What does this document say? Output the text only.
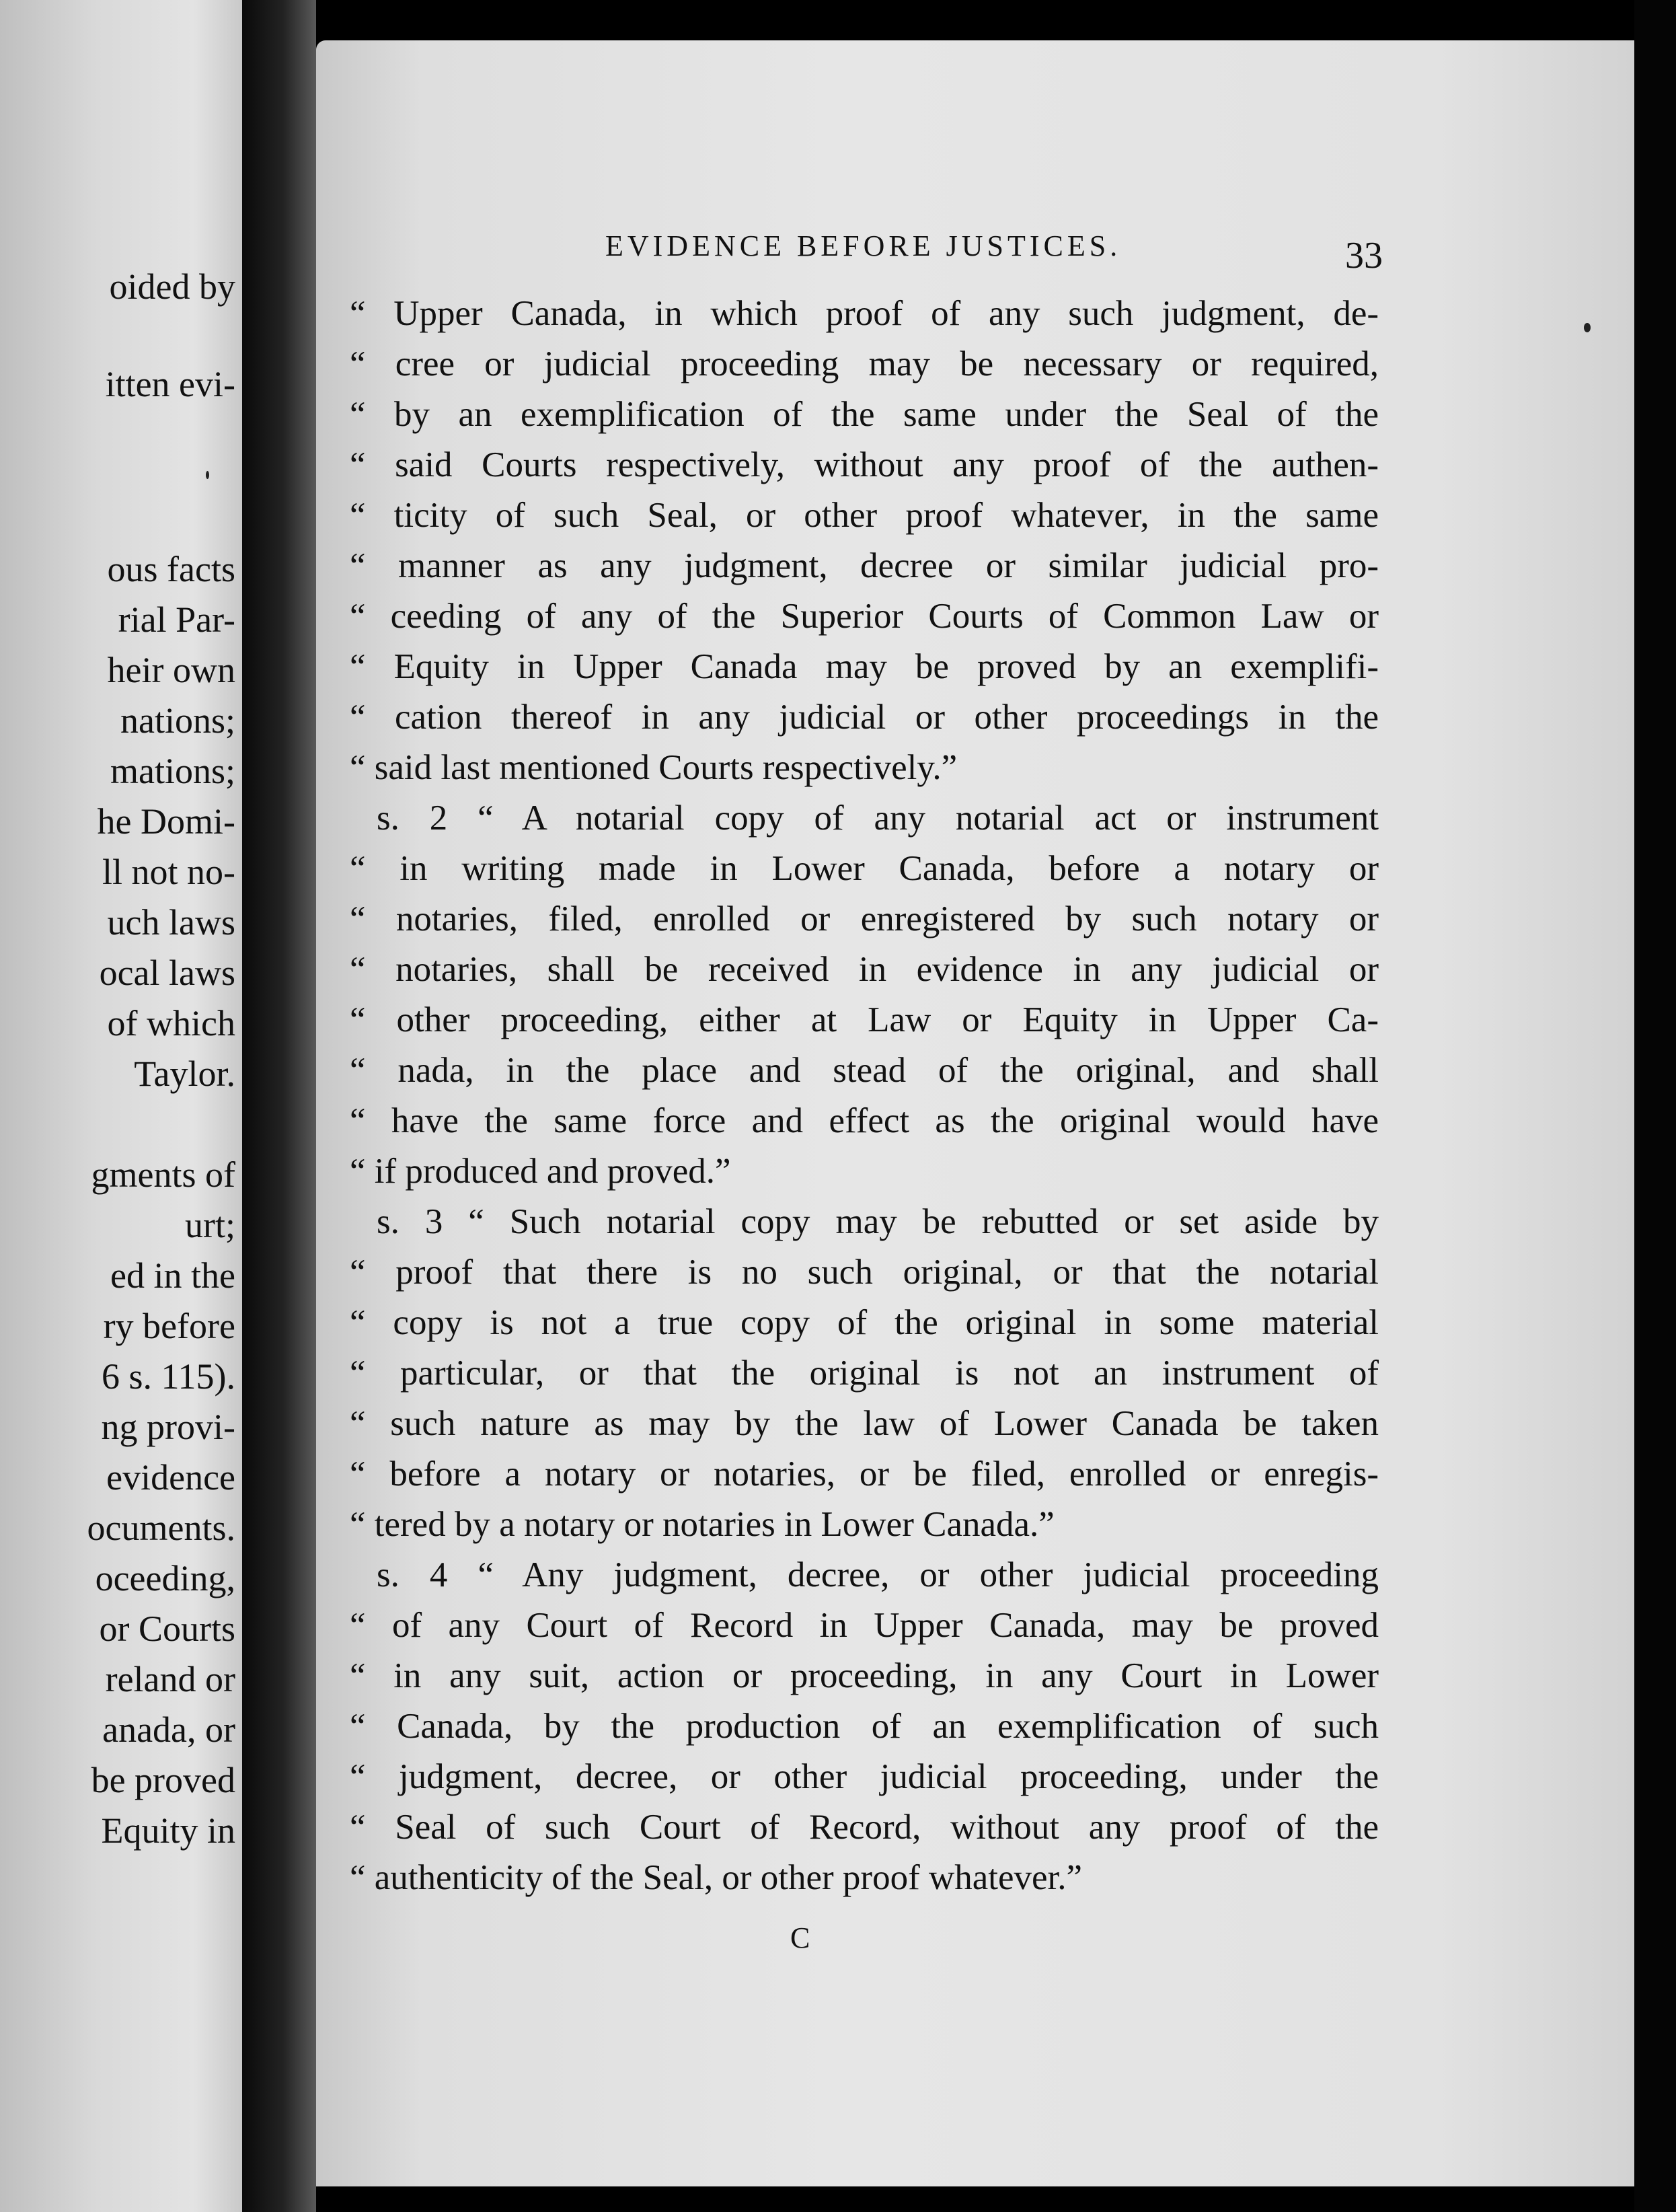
oided by
itten evi-
ous facts
rial Par-
heir own
nations;
mations;
he Domi-
ll not no-
uch laws
ocal laws
of which
Taylor.
gments of
urt;
ed in the
ry before
6 s. 115).
ng provi-
evidence
ocuments.
oceeding,
or Courts
reland or
anada, or
be proved
Equity in
EVIDENCE BEFORE JUSTICES.	33
“ Upper Canada, in which proof of any such judgment, de-
“ cree or judicial proceeding may be necessary or required,
“ by an exemplification of the same under the Seal of the
“ said Courts respectively, without any proof of the authen-
“ ticity of such Seal, or other proof whatever, in the same
“ manner as any judgment, decree or similar judicial pro-
“ ceeding of any of the Superior Courts of Common Law or
“ Equity in Upper Canada may be proved by an exemplifi-
“ cation thereof in any judicial or other proceedings in the
“ said last mentioned Courts respectively.”
s. 2 “ A notarial copy of any notarial act or instrument
“ in writing made in Lower Canada, before a notary or
“ notaries, filed, enrolled or enregistered by such notary or
“ notaries, shall be received in evidence in any judicial or
“ other proceeding, either at Law or Equity in Upper Ca-
“ nada, in the place and stead of the original, and shall
“ have the same force and effect as the original would have
“ if produced and proved.”
s. 3 “ Such notarial copy may be rebutted or set aside by
“ proof that there is no such original, or that the notarial
“ copy is not a true copy of the original in some material
“ particular, or that the original is not an instrument of
“ such nature as may by the law of Lower Canada be taken
“ before a notary or notaries, or be filed, enrolled or enregis-
“ tered by a notary or notaries in Lower Canada.”
s. 4 “ Any judgment, decree, or other judicial proceeding
“ of any Court of Record in Upper Canada, may be proved
“ in any suit, action or proceeding, in any Court in Lower
“ Canada, by the production of an exemplification of such
“ judgment, decree, or other judicial proceeding, under the
“ Seal of such Court of Record, without any proof of the
“ authenticity of the Seal, or other proof whatever.”
C
